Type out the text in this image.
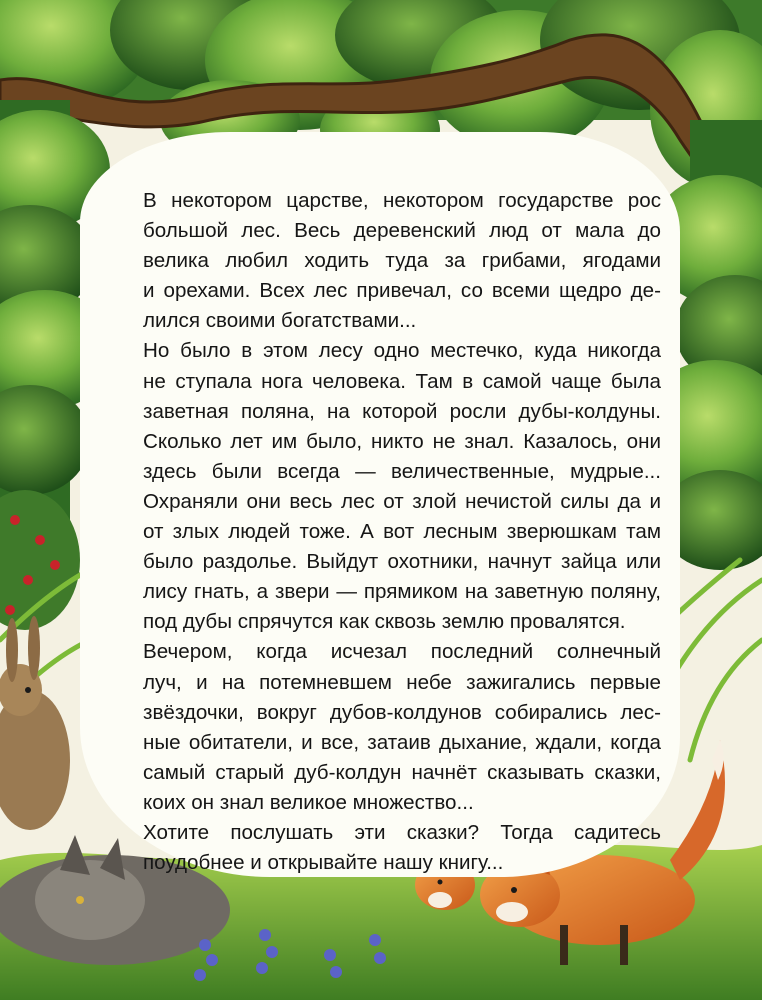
В некотором царстве, некотором государстве рос
большой лес. Весь деревенский люд от мала до
велика любил ходить туда за грибами, ягодами
и орехами. Всех лес привечал, со всеми щедро де-
лился своими богатствами...

Но было в этом лесу одно местечко, куда никогда
не ступала нога человека. Там в самой чаще была
заветная поляна, на которой росли дубы-колдуны.
Сколько лет им было, никто не знал. Казалось, они
здесь были всегда — величественные, мудрые...
Охраняли они весь лес от злой нечистой силы да и
от злых людей тоже. А вот лесным зверюшкам там
было раздолье. Выйдут охотники, начнут зайца или
лису гнать, а звери — прямиком на заветную поляну,
под дубы спрячутся как сквозь землю провалятся.

Вечером, когда исчезал последний солнечный
луч, и на потемневшем небе зажигались первые
звёздочки, вокруг дубов-колдунов собирались лес-
ные обитатели, и все, затаив дыхание, ждали, когда
самый старый дуб-колдун начнёт сказывать сказки,
коих он знал великое множество...

Хотите послушать эти сказки? Тогда садитесь
поудобнее и открывайте нашу книгу...
